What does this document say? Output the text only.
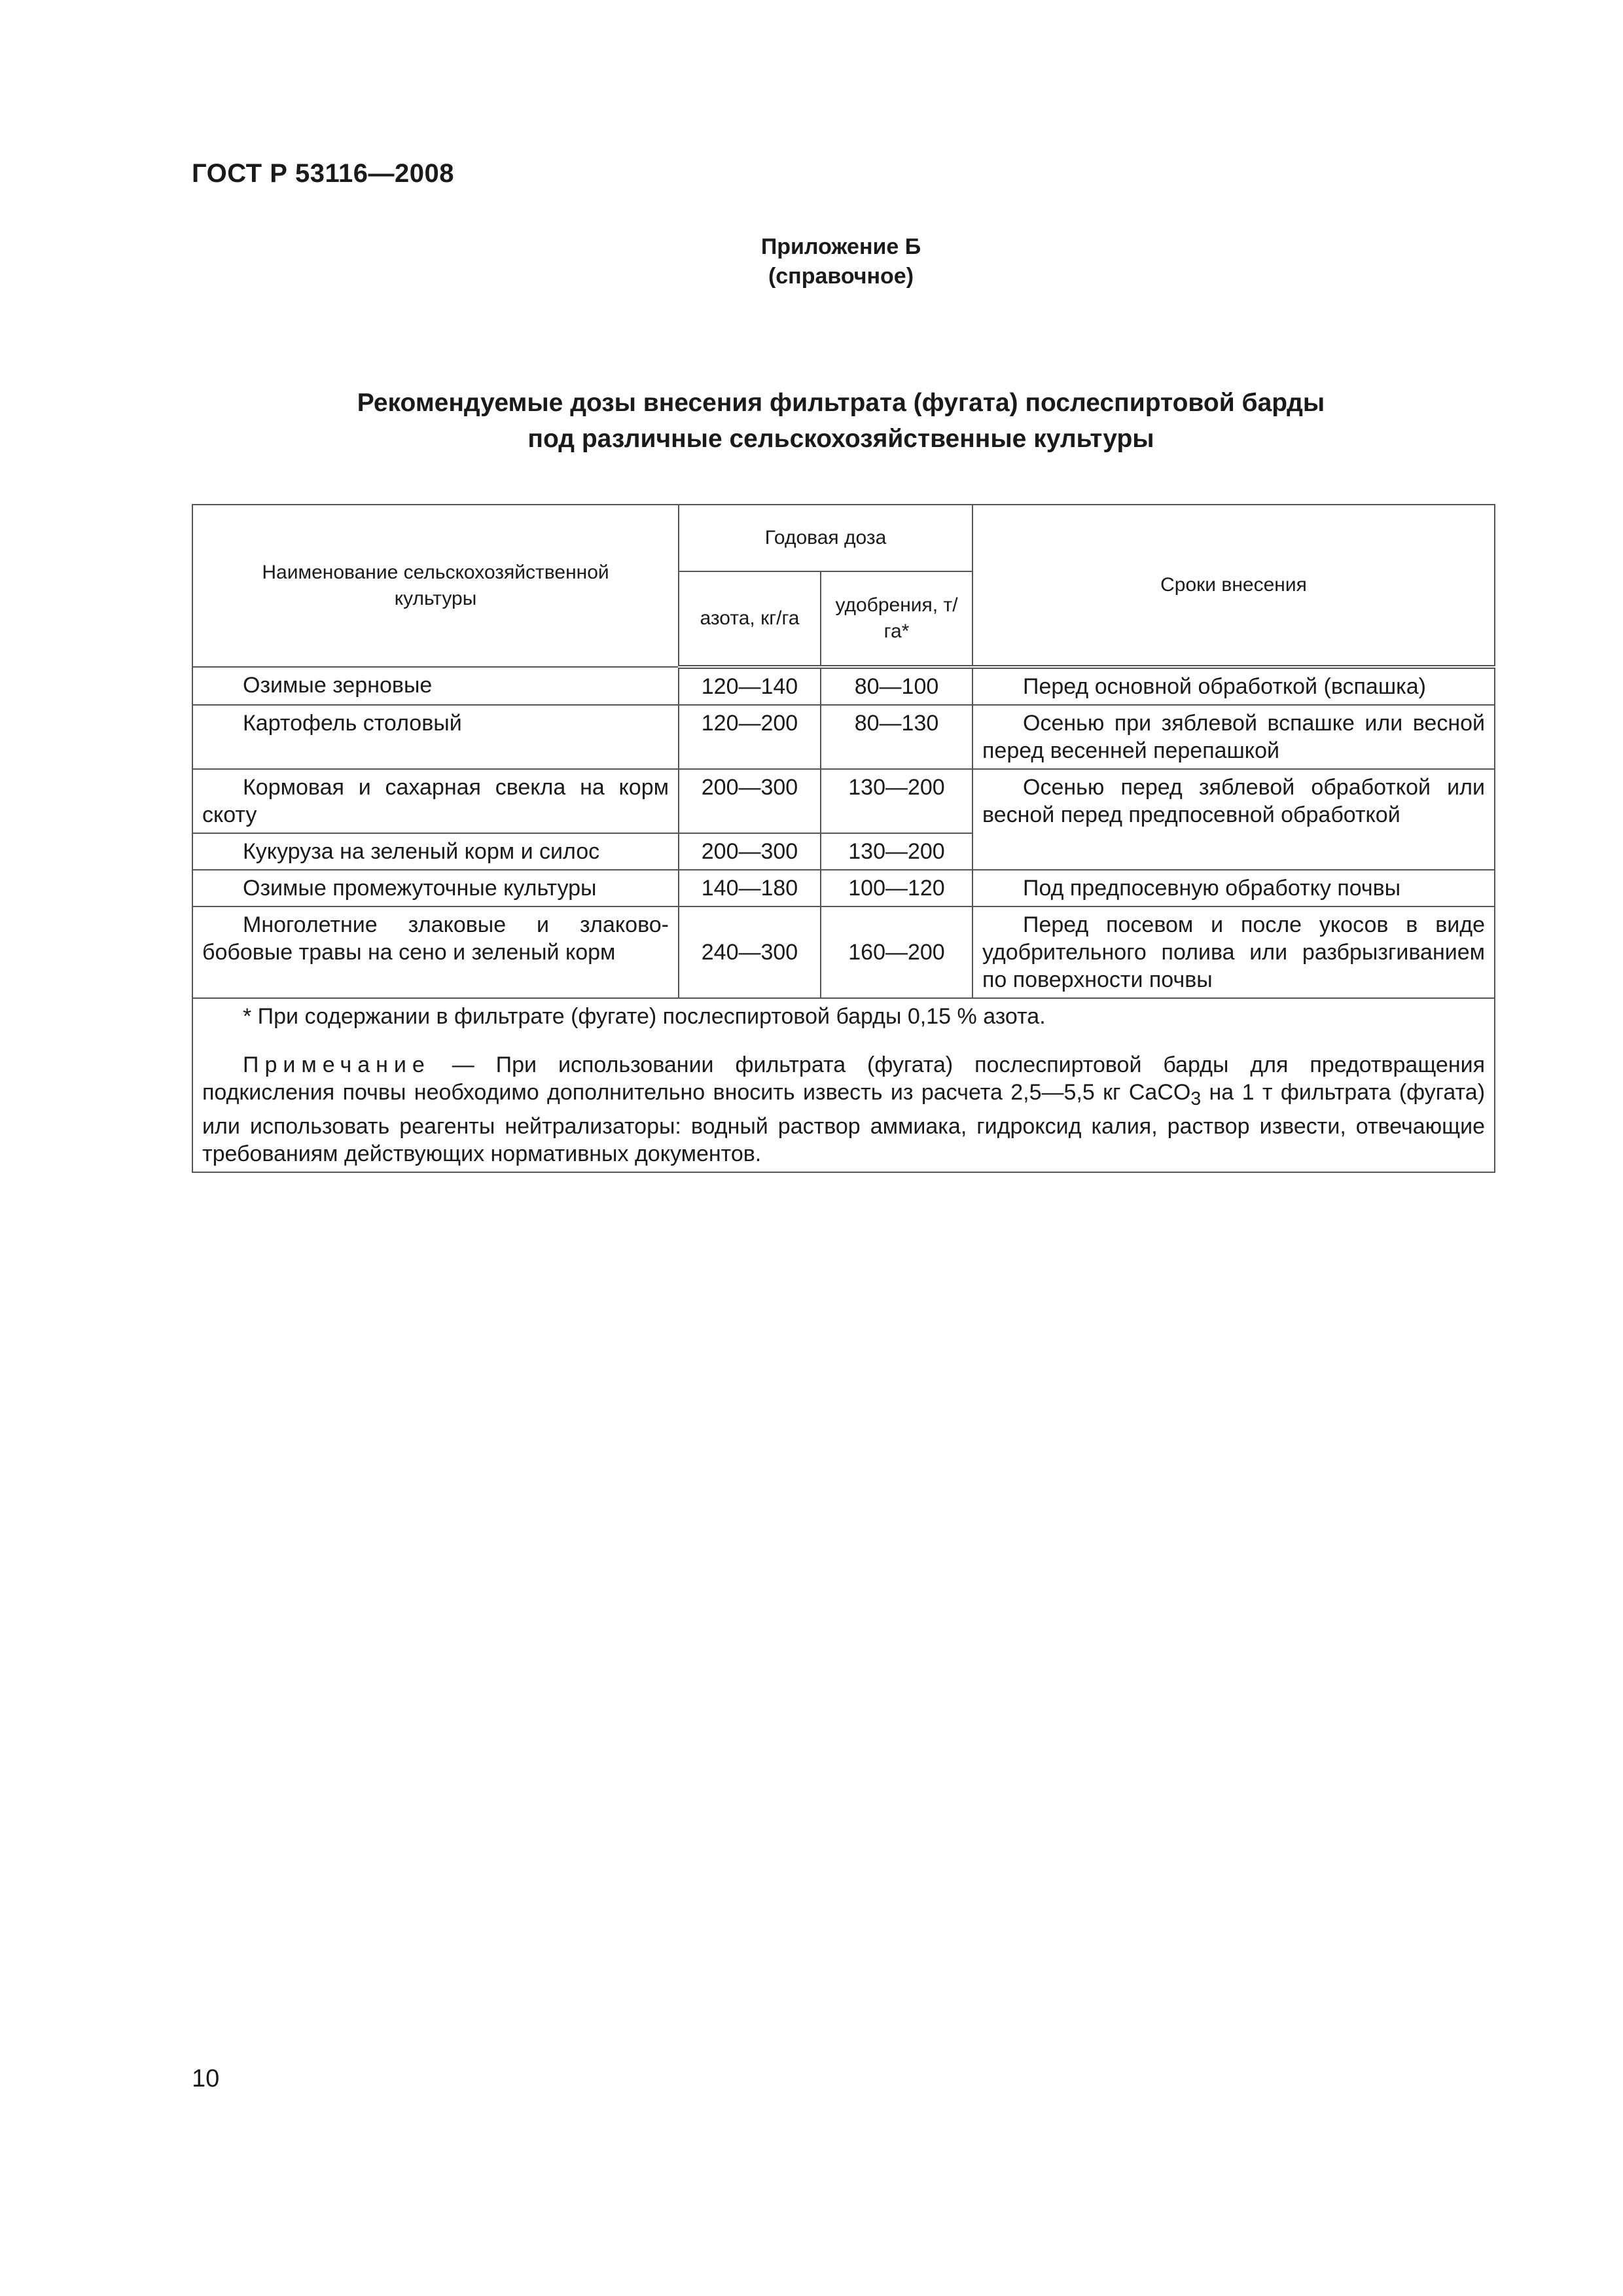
ГОСТ Р 53116—2008
Приложение Б
(справочное)
Рекомендуемые дозы внесения фильтрата (фугата) послеспиртовой барды
под различные сельскохозяйственные культуры
Наименование сельскохозяйственной культуры	Годовая доза		Сроки внесения
	азота, кг/га	удобрения, т/га*	
Озимые зерновые	120—140	80—100	Перед основной обработкой (вспашка)
Картофель столовый	120—200	80—130	Осенью при зяблевой вспашке или весной перед весенней перепашкой
Кормовая и сахарная свекла на корм скоту	200—300	130—200	Осенью перед зяблевой обработкой или весной перед предпосевной обработкой
Кукуруза на зеленый корм и силос	200—300	130—200	
Озимые промежуточные культуры	140—180	100—120	Под предпосевную обработку почвы
Многолетние злаковые и злаково-бобовые травы на сено и зеленый корм	240—300	160—200	Перед посевом и после укосов в виде удобрительного полива или разбрызгиванием по поверхности почвы

* При содержании в фильтрате (фугате) послеспиртовой барды 0,15 % азота.

Примечание — При использовании фильтрата (фугата) послеспиртовой барды для предотвращения подкисления почвы необходимо дополнительно вносить известь из расчета 2,5—5,5 кг CaCO$_3$ на 1 т фильтрата (фугата) или использовать реагенты нейтрализаторы: водный раствор аммиака, гидроксид калия, раствор извести, отвечающие требованиям действующих нормативных документов.			

10
